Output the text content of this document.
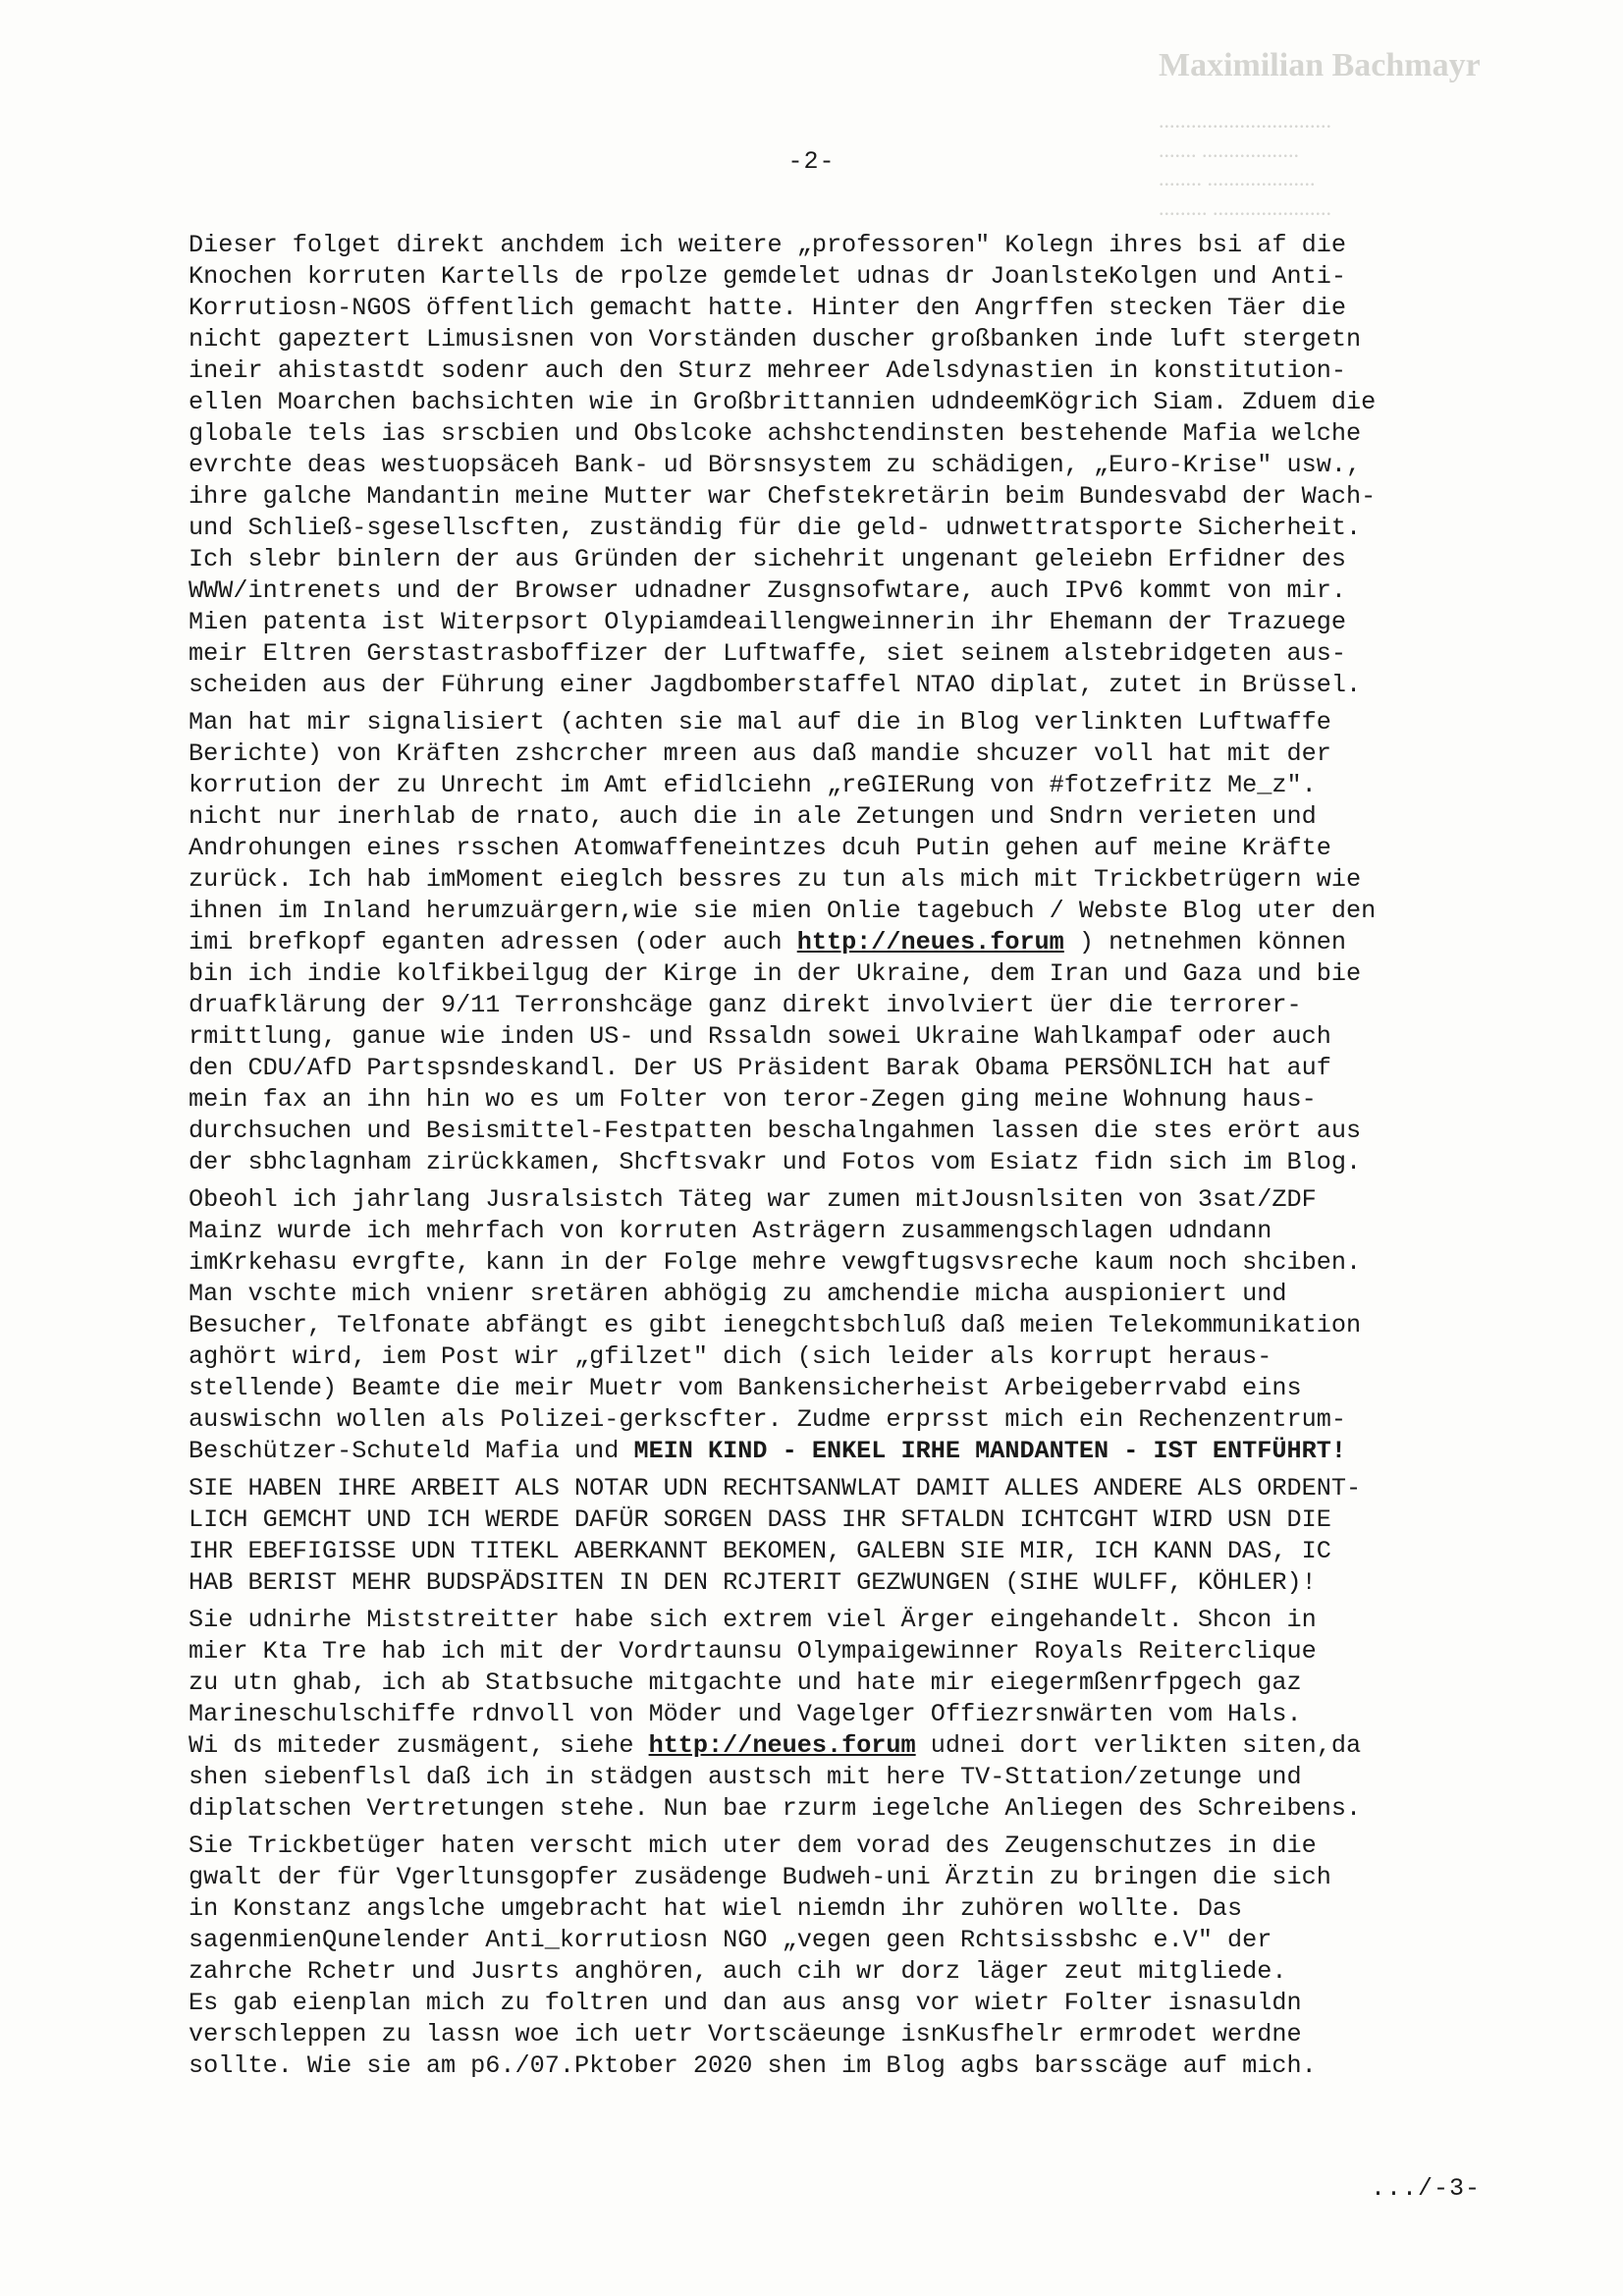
Maximilian Bachmayr
................................
....... ..................
........ ....................
......... ......................
-2-
Dieser folget direkt anchdem ich weitere „professoren" Kolegn ihres bsi af die
Knochen korruten Kartells de rpolze gemdelet udnas dr JoanlsteKolgen und Anti-
Korrutiosn-NGOS öffentlich gemacht hatte. Hinter den Angrffen stecken Täer die
nicht gapeztert Limusisnen von Vorständen duscher großbanken inde luft stergetn
ineir ahistastdt sodenr auch den Sturz mehreer Adelsdynastien in konstitution-
ellen Moarchen bachsichten wie in Großbrittannien udndeemKögrich Siam. Zduem die
globale tels ias srscbien und Obslcoke achshctendinsten bestehende Mafia welche
evrchte deas westuopsäceh Bank- ud Börsnsystem zu schädigen, „Euro-Krise" usw.,
ihre galche Mandantin meine Mutter war Chefstekretärin beim Bundesvabd der Wach-
und Schließ-sgesellscften, zuständig für die geld- udnwettratsporte Sicherheit.
Ich slebr binlern der aus Gründen der sichehrit ungenant geleiebn Erfidner des
WWW/intrenets und der Browser udnadner Zusgnsofwtare, auch IPv6 kommt von mir.
Mien patenta ist Witerpsort Olypiamdeaillengweinnerin ihr Ehemann der Trazuege
meir Eltren Gerstastrasboffizer der Luftwaffe, siet seinem alstebridgeten aus-
scheiden aus der Führung einer Jagdbomberstaffel NTAO diplat, zutet in Brüssel.
Man hat mir signalisiert (achten sie mal auf die in Blog verlinkten Luftwaffe
Berichte) von Kräften zshcrcher mreen aus daß mandie shcuzer voll hat mit der
korrution der zu Unrecht im Amt efidlciehn „reGIERung von #fotzefritz Me_z".
nicht nur inerhlab de rnato, auch die in ale Zetungen und Sndrn verieten und
Androhungen eines rsschen Atomwaffeneintzes dcuh Putin gehen auf meine Kräfte
zurück. Ich hab imMoment eieglch bessres zu tun als mich mit Trickbetrügern wie
ihnen im Inland herumzuärgern,wie sie mien Onlie tagebuch / Webste Blog uter den
imi brefkopf eganten adressen (oder auch http://neues.forum ) netnehmen können
bin ich indie kolfikbeilgug der Kirge in der Ukraine, dem Iran und Gaza und bie
druafklärung der 9/11 Terronshcäge ganz direkt involviert üer die terrorer-
rmittlung, ganue wie inden US- und Rssaldn sowei Ukraine Wahlkampaf oder auch
den CDU/AfD Partspsndeskandl. Der US Präsident Barak Obama PERSÖNLICH hat auf
mein fax an ihn hin wo es um Folter von teror-Zegen ging meine Wohnung haus-
durchsuchen und Besismittel-Festpatten beschalngahmen lassen die stes erört aus
der sbhclagnham zirückkamen, Shcftsvakr und Fotos vom Esiatz fidn sich im Blog.
Obeohl ich jahrlang Jusralsistch Täteg war zumen mitJousnlsiten von 3sat/ZDF
Mainz wurde ich mehrfach von korruten Asträgern zusammengschlagen udndann
imKrkehasu evrgfte, kann in der Folge mehre vewgftugsvsreche kaum noch shciben.
Man vschte mich vnienr sretären abhögig zu amchendie micha auspioniert und
Besucher, Telfonate abfängt es gibt ienegchtsbchluß daß meien Telekommunikation
aghört wird, iem Post wir „gfilzet" dich (sich leider als korrupt heraus-
stellende) Beamte die meir Muetr vom Bankensicherheist Arbeigeberrvabd eins
auswischn wollen als Polizei-gerkscfter. Zudme erprsst mich ein Rechenzentrum-
Beschützer-Schuteld Mafia und MEIN KIND - ENKEL IRHE MANDANTEN - IST ENTFÜHRT!
SIE HABEN IHRE ARBEIT ALS NOTAR UDN RECHTSANWLAT DAMIT ALLES ANDERE ALS ORDENT-
LICH GEMCHT UND ICH WERDE DAFÜR SORGEN DASS IHR SFTALDN ICHTCGHT WIRD USN DIE
IHR EBEFIGISSE UDN TITEKL ABERKANNT BEKOMEN, GALEBN SIE MIR, ICH KANN DAS, IC
HAB BERIST MEHR BUDSPÄDSITEN IN DEN RCJTERIT GEZWUNGEN (SIHE WULFF, KÖHLER)!
Sie udnirhe Miststreitter habe sich extrem viel Ärger eingehandelt. Shcon in
mier Kta Tre hab ich mit der Vordrtaunsu Olympaigewinner Royals Reiterclique
zu utn ghab, ich ab Statbsuche mitgachte und hate mir eiegermßenrfpgech gaz
Marineschulschiffe rdnvoll von Möder und Vagelger Offiezrsnwärten vom Hals.
Wi ds miteder zusmägent, siehe http://neues.forum udnei dort verlikten siten,da
shen siebenflsl daß ich in städgen austsch mit here TV-Sttation/zetunge und
diplatschen Vertretungen stehe. Nun bae rzurm iegelche Anliegen des Schreibens.
Sie Trickbetüger haten verscht mich uter dem vorad des Zeugenschutzes in die
gwalt der für Vgerltunsgopfer zusädenge Budweh-uni Ärztin zu bringen die sich
in Konstanz angslche umgebracht hat wiel niemdn ihr zuhören wollte. Das
sagenmienQunelender Anti_korrutiosn NGO „vegen geen Rchtsissbshc e.V" der
zahrche Rchetr und Jusrts anghören, auch cih wr dorz läger zeut mitgliede.
Es gab eienplan mich zu foltren und dan aus ansg vor wietr Folter isnasuldn
verschleppen zu lassn woe ich uetr Vortscäeunge isnKusfhelr ermrodet werdne
sollte. Wie sie am p6./07.Pktober 2020 shen im Blog agbs barsscäge auf mich.
.../-3-
